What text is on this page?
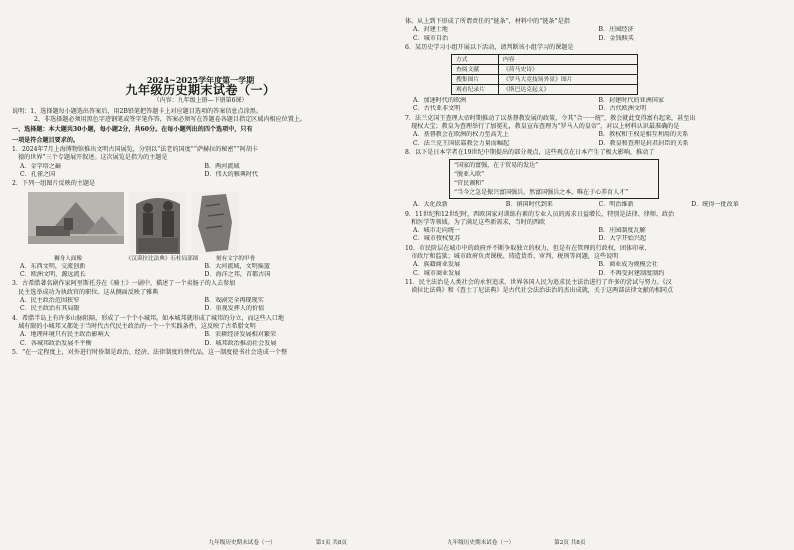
2024~2025学年度第一学期
九年级历史期末试卷（一）
（内容：九年级上册—下册第6课）

说明：1、选择题每小题选出答案后，用2B铅笔把答题卡上对应题目选项的答案信息点涂黑。

2、非选择题必须用黑色字迹钢笔或签字笔作答，答案必须写在答题卷各题目指定区域内相应位置上。

一、选择题：本大题共30小题，每小题2分，共60分。在每小题列出的四个选项中，只有

一项是符合题目要求的。

1．2024年7月上海博物馆推出文明古国展览，分别以“法老的国度”“萨赫拉的秘密”“阿胡卡

　猿的世界”三个专题展开叙述。这次展览是指为的主题是

A．金字塔之巅	B．两河流域
C．孔雀之国	D．伟大的雅典时代

2．下列一组图片反映的主题是

狮身人面像	《汉谟拉比法典》石柱局部图	刻有文字的甲骨
A．东西文明，交流创新	B．大河流域，文明摇篮
C．欧洲文明，源远流长	D．海洋之邦，首都古国

3．古希腊著名剧作家阿里斯托芬在《骑士》一剧中，描述了一个卖肠子的人去参加

　民主选举成功为执政官的职位。这从侧面反映了雅典

A．民主政治范围狭窄	B．戏剧完全再现现实
C．民主政治有其局限	D．重视发挥人的价值

4．希腊半岛上有许多山脉阻隔，形成了一个个小城邦。如本城邦就形成了城邦的分立，而这些人口地

　域有限的小城邦又都处于当时代古代民主政治的一个一个实践条件，这反映了古希腊文明

A．地理环境只有民主政治影响大	B．农耕经济发展相对繁荣
C．各城邦政治发展不平衡	D．城邦政治推动社会发展

5．“在一定程度上，对外进行时侨制是政治、经济、法律制度的替代品。这一制度使书社会迭成一个整

体。从上到下形成了所谓责任的“链条”，材料中的“链条”是指

A．封建土地	B．庄园经济
C．城市自治	D．金钱赎买

6．某历史学习小组开展以下活动，请判断该小组学习的课题是

方式	内容
查阅文献	《荷马史诗》
搜集图片	《罗马大竞技场外景》图片
观看纪录片	《斯巴达克起义》
A．加速时代的欧洲	B．封建时代的亚洲国家
C．古代亚非文明	D．古代欧洲文明

7．法兰克国王查理大帝时期推动了以基督教发展的政策，令其“合一一统”，教会就此变得富有起来，甚至出

　现权大宝；教皇为查理举行了加冕礼，教皇宣布查理为“罗马人的皇帝”，对以上材料认识最准确的是

A．基督教会在欧洲的权力至高无上	B．教权和王权是相互利用的关系
C．法兰克王国依靠教会力量而崛起	D．教皇和查理是封君封臣的关系

8．以下是日本学者在19世纪中期提出的部分观点，这些观点在日本产生了极大影响，推动了

“国家的富强，在于贸易的发达”
“脱亚入欧”
“官民调和”
“当今之急是振兴富国强兵，然富国强兵之本，唯在于心养育人才”
A．大化改新	B．镇国时代到来	C．明治维新	D．统得一批改革

9．11世纪和12世纪时，西欧国家对训练有素的专业人员的需求日益增长，特别是法律、律师、政治

　和医学等领域。为了满足这些新需求，当时的西欧

A．城市走向统一	B．庄园制度瓦解
C．城市授权复苏	D．大学开始兴起

10．市民阶层在城市中的政府并不断争取独立的权力，但是有在管理的行政权，团体印章、

　市政厅和监狱；城市政府负责课税、铸造货币、审判、税刑等问题，这些说明

A．族籍商业发展	B．商业成为规模会社
C．城市商业发展	D．不再受封建制度制约

11．民主法治是人类社会的永恒追求，世界各国人民为追求民主法治进行了许多的尝试与努力。《汉

　谟拉比法典》和《查士丁尼法典》是古代社会法治法治的杰出成就，关于这两部法律文献的相同点

九年级历史期末试卷（一）	第1页 共8页	九年级历史期末试卷（一）	第2页 共8页
